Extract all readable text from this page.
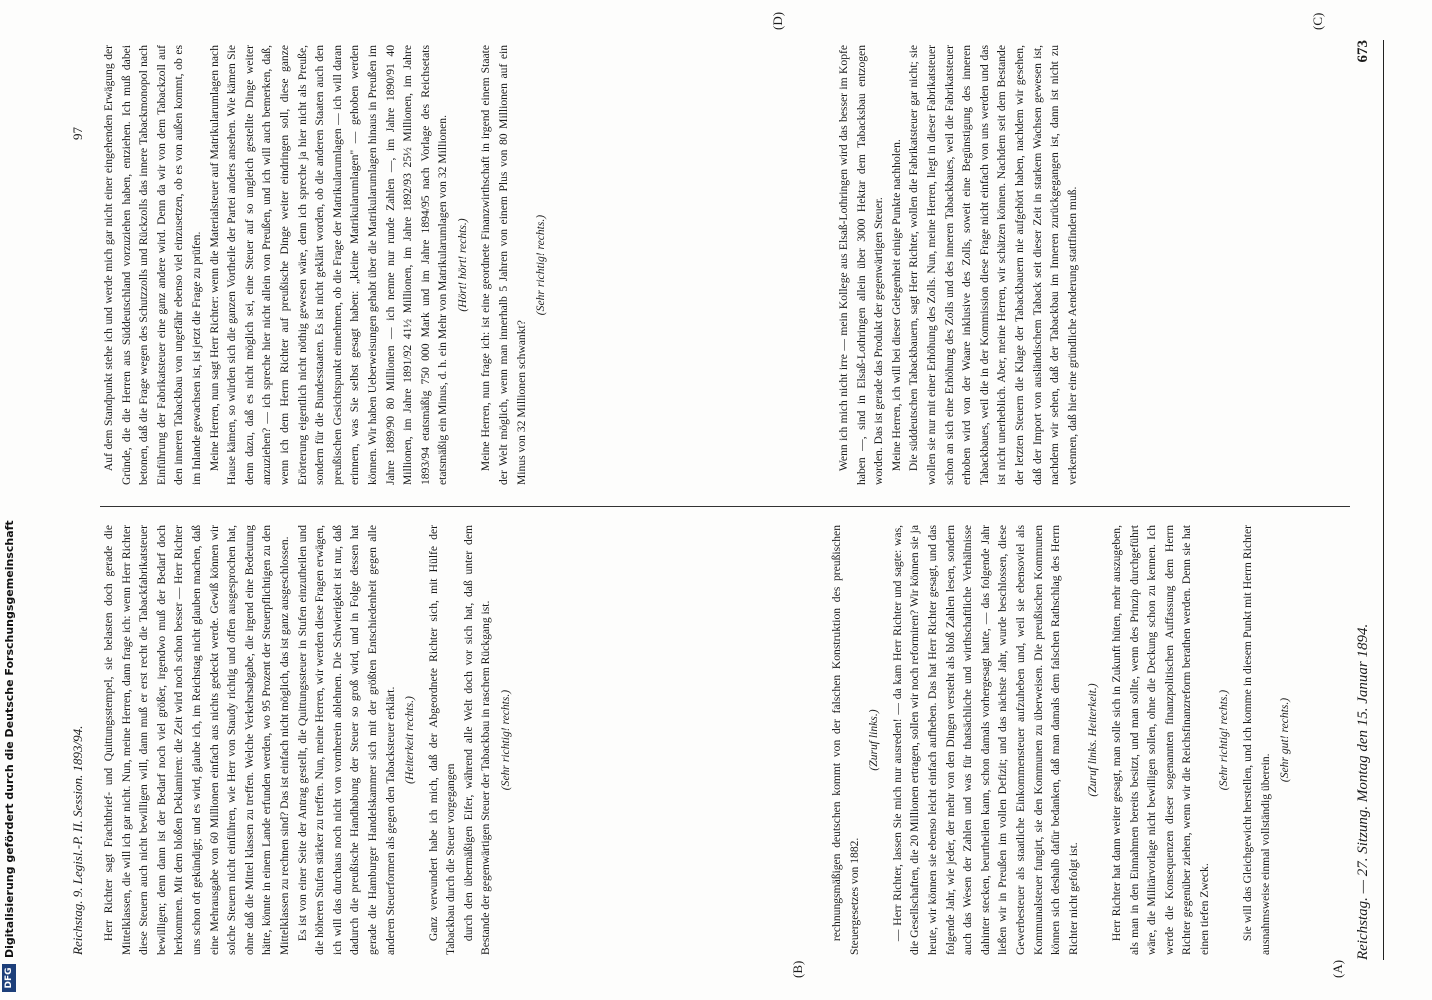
Reichstag. — 27. Sitzung. Montag den 15. Januar 1894.
673
(A)
(B)
(C)
(D)

rechnungsmäßigen deutschen kommt von der falschen Konstruktion des preußischen Steuergesetzes von 1882.

(Zuruf links.) — Herr Richter, lassen Sie mich nur ausreden! — da kam Herr Richter und sagte: was, die Gesellschaften, die 20 Millionen ertragen, sollen wir noch reformiren? Wir können sie ja heute, wir können sie ebenso leicht einfach aufheben. Das hat Herr Richter gesagt, und das folgende Jahr, wie jeder, der mehr von den Dingen versteht als bloß Zahlen lesen, sondern auch das Wesen der Zahlen und was für thatsächliche und wirthschaftliche Verhältnisse dahinter stecken, beurtheilen kann, schon damals vorhergesagt hatte, — das folgende Jahr ließen wir in Preußen im vollen Defizit; und das nächste Jahr, wurde beschlossen, diese Gewerbesteuer als staatliche Einkommensteuer aufzuheben und, weil sie ebensoviel als Kommunalsteuer fungirt, sie den Kommunen zu überweisen. Die preußischen Kommunen können sich deshalb dafür bedanken, daß man damals dem falschen Rathschlag des Herrn Richter nicht gefolgt ist.

(Zuruf links. Heiterkeit.) Herr Richter hat dann weiter gesagt, man solle sich in Zukunft hüten, mehr auszugeben, als man in den Einnahmen bereits besitzt, und man sollte, wenn des Prinzip durchgeführt wäre, die Militärvorlage nicht bewilligen sollen, ohne die Deckung schon zu kennen. Ich werde die Konsequenzen dieser sogenannten finanzpolitischen Auffassung dem Herrn Richter gegenüber ziehen, wenn wir die Reichsfinanzreform berathen werden. Denn sie hat einen tiefen Zweck.

(Sehr richtig! rechts.) Sie will das Gleichgewicht herstellen, und ich komme in diesem Punkt mit Herrn Richter ausnahmsweise einmal vollständig überein.

(Sehr gut! rechts.)

Wenn ich mich nicht irre — mein Kollege aus Elsaß-Lothringen wird das besser im Kopfe haben —, sind in Elsaß-Lothringen allein über 3000 Hektar dem Tabacksbau entzogen worden. Das ist gerade das Produkt der gegenwärtigen Steuer. Meine Herren, ich will bei dieser Gelegenheit einige Punkte nachholen. Die süddeutschen Tabackbauern, sagt Herr Richter, wollen die Fabrikatsteuer gar nicht; sie wollen sie nur mit einer Erhöhung des Zolls. Nun, meine Herren, liegt in dieser Fabrikatsteuer schon an sich eine Erhöhung des Zolls und des inneren Tabackbaues, weil die Fabrikatsteuer erhoben wird von der Waare inklusive des Zolls, soweit eine Begünstigung des inneren Tabackbaues, weil die in der Kommission diese Frage nicht einfach von uns werden und das ist nicht unerheblich. Aber, meine Herren, wir schätzen können. Nachdem seit dem Bestande der letzten Steuern die Klage der Tabackbauern nie aufgehört haben, nachdem wir gesehen, daß der Import von ausländischem Taback seit dieser Zeit in starkem Wachsen gewesen ist, nachdem wir sehen, daß der Tabackbau im Inneren zurückgegangen ist, dann ist nicht zu verkennen, daß hier eine gründliche Aenderung stattfinden muß.

Herr Richter sagt Frachtbrief- und Quittungsstempel, sie belasten doch gerade die Mittelklassen, die will ich gar nicht. Nun, meine Herren, dann frage ich: wenn Herr Richter diese Steuern auch nicht bewilligen will, dann muß er erst recht die Tabackfabrikatsteuer bewilligen; denn dann ist der Bedarf noch viel größer, irgendwo muß der Bedarf doch herkommen. Mit dem bloßen Deklamiren: die Zeit wird noch schon besser — Herr Richter uns schon oft gekündigt; und es wird, glaube ich, im Reichstag nicht glauben machen, daß eine Mehrausgabe von 60 Millionen einfach aus nichts gedeckt werde. Gewiß können wir solche Steuern nicht einführen, wie Herr von Staudy richtig und offen ausgesprochen hat, ohne daß die Mittel klassen zu treffen. Welche Verkehrsabgabe, die irgend eine Bedeutung hätte, könnte in einem Lande erfunden werden, wo 95 Prozent der Steuerpflichtigen zu den Mittelklassen zu rechnen sind? Das ist einfach nicht möglich, das ist ganz ausgeschlossen. Es ist von einer Seite der Antrag gestellt, die Quittungssteuer in Stufen einzutheilen und die höheren Stufen stärker zu treffen. Nun, meine Herren, wir werden diese Fragen erwägen, ich will das durchaus noch nicht von vornherein ablehnen. Die Schwierigkeit ist nur, daß dadurch die preußische Handhabung der Steuer so groß wird, und in Folge dessen hat gerade die Hamburger Handelskammer sich mit der größten Entschiedenheit gegen alle anderen Steuerformen als gegen den Tabacksteuer erklärt. (Heiterkeit rechts.) Ganz verwundert habe ich mich, daß der Abgeordnete Richter sich, mit Hülfe der Tabackbau durch die Steuer vorgegangen durch den übermäßigen Eifer, während alle Welt doch vor sich hat, daß unter dem Bestande der gegenwärtigen Steuer der Tabackbau in raschem Rückgang ist. (Sehr richtig! rechts.)

Auf dem Standpunkt stehe ich und werde mich gar nicht einer eingehenden Erwägung der Gründe, die die Herren aus Süddeutschland vorzuziehen haben, entziehen. Ich muß dabei betonen, daß die Frage wegen des Schutzzolls und Rückzolls das innere Tabackmonopol nach Einführung der Fabrikatsteuer eine ganz andere wird. Denn da wir von dem Tabackzoll auf den inneren Tabackbau von ungefähr ebenso viel einzusetzen, ob es von außen kommt, ob es im Inlande gewachsen ist, ist jetzt die Frage zu prüfen. Meine Herren, nun sagt Herr Richter: wenn die Materialsteuer auf Matrikularumlagen nach Hause kämen, so würden sich die ganzen Vortheile der Partei anders ansehen. Wie kämen Sie denn dazu, daß es nicht möglich sei, eine Steuer auf so ungleich gestellte Dinge weiter anzuziehen? — ich spreche hier nicht allein von Preußen, und ich will auch bemerken, daß, wenn ich dem Herrn Richter auf preußische Dinge weiter eindringen soll, diese ganze Erörterung eigentlich nicht nöthig gewesen wäre, denn ich spreche ja hier nicht als Preuße, sondern für die Bundesstaaten. Es ist nicht geklärt worden, ob die anderen Staaten auch den preußischen Gesichtspunkt einnehmen, ob die Frage der Matrikularumlagen — ich will daran erinnern, was Sie selbst gesagt haben: „kleine Matrikularumlagen" — gehoben werden können. Wir haben Ueberweisungen gehabt über die Matrikularumlagen hinaus in Preußen im Jahre 1889/90 80 Millionen — ich nenne nur runde Zahlen —, im Jahre 1890/91 40 Millionen, im Jahre 1891/92 41½ Millionen, im Jahre 1892/93 25½ Millionen, im Jahre 1893/94 etatsmäßig 750 000 Mark und im Jahre 1894/95 nach Vorlage des Reichsetats etatsmäßig ein Minus, d. h. ein Mehr von Matrikularumlagen von 32 Millionen. (Hört! hört! rechts.) Meine Herren, nun frage ich: ist eine geordnete Finanzwirthschaft in irgend einem Staate der Welt möglich, wenn man innerhalb 5 Jahren von einem Plus von 80 Millionen auf ein Minus von 32 Millionen schwankt?

(Sehr richtig! rechts.)

Reichstag. 9. Legisl.-P. II. Session. 1893/94.
97
DFG
Digitalisierung gefördert durch die Deutsche Forschungsgemeinschaft
